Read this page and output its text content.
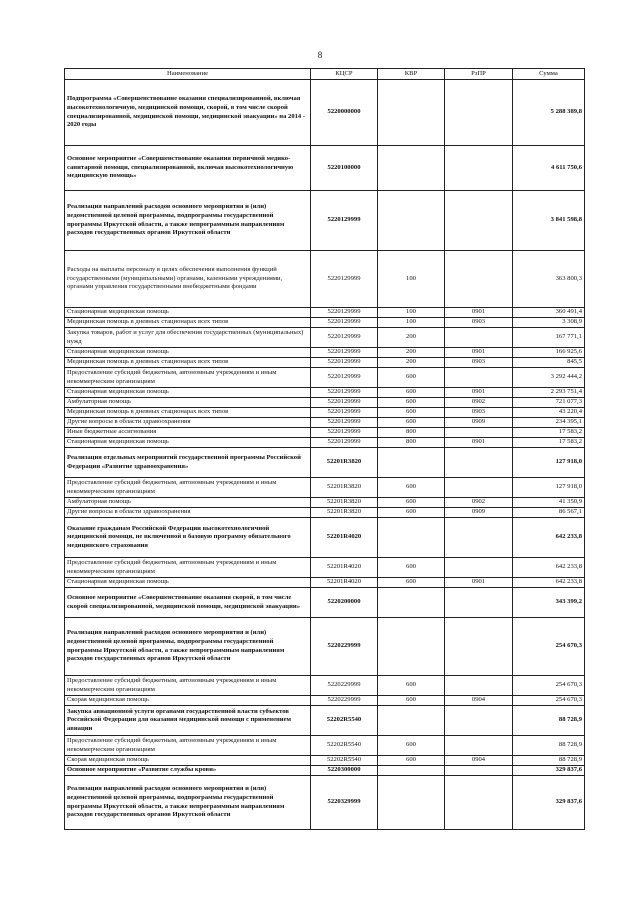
8
Наименование	КЦСР	КВР	РзПР	Сумма
Подпрограмма «Совершенствование оказания специализированной, включая высокотехнологичную, медицинской помощи, скорой, в том числе скорой специализированной, медицинской помощи, медицинской эвакуации» на 2014 - 2020 годы	5220000000			5 288 389,8
Основное мероприятие «Совершенствование оказания первичной медико-санитарной помощи, специализированной, включая высокотехнологичную медицинскую помощь»	5220100000			4 611 750,6
Реализация направлений расходов основного мероприятия и (или) ведомственной целевой программы, подпрограммы государственной программы Иркутской области, а также непрограммным направлениям расходов государственных органов Иркутской области	5220129999			3 841 598,8
Расходы на выплаты персоналу в целях обеспечения выполнения функций государственными (муниципальными) органами, казенными учреждениями, органами управления государственными внебюджетными фондами	5220129999	100		363 800,3
Стационарная медицинская помощь	5220129999	100	0901	360 491,4
Медицинская помощь в дневных стационарах всех типов	5220129999	100	0903	3 308,9
Закупка товаров, работ и услуг для обеспечения государственных (муниципальных) нужд	5220129999	200		167 771,1
Стационарная медицинская помощь	5220129999	200	0901	166 925,6
Медицинская помощь в дневных стационарах всех типов	5220129999	200	0903	845,5
Предоставление субсидий бюджетным, автономным учреждениям и иным некоммерческим организациям	5220129999	600		3 292 444,2
Стационарная медицинская помощь	5220129999	600	0901	2 293 751,4
Амбулаторная помощь	5220129999	600	0902	721 077,3
Медицинская помощь в дневных стационарах всех типов	5220129999	600	0903	43 220,4
Другие вопросы в области здравоохранения	5220129999	600	0909	234 395,1
Иные бюджетные ассигнования	5220129999	800		17 583,2
Стационарная медицинская помощь	5220129999	800	0901	17 583,2
Реализация отдельных мероприятий государственной программы Российской Федерации «Развитие здравоохранения»	52201R3820			127 918,0
Предоставление субсидий бюджетным, автономным учреждениям и иным некоммерческим организациям	52201R3820	600		127 918,0
Амбулаторная помощь	52201R3820	600	0902	41 350,9
Другие вопросы в области здравоохранения	52201R3820	600	0909	86 567,1
Оказание гражданам Российской Федерации высокотехнологичной медицинской помощи, не включенной в базовую программу обязательного медицинского страхования	52201R4020			642 233,8
Предоставление субсидий бюджетным, автономным учреждениям и иным некоммерческим организациям	52201R4020	600		642 233,8
Стационарная медицинская помощь	52201R4020	600	0901	642 233,8
Основное мероприятие «Совершенствование оказания скорой, в том числе скорой специализированной, медицинской помощи, медицинской эвакуации»	5220200000			343 399,2
Реализация направлений расходов основного мероприятия и (или) ведомственной целевой программы, подпрограммы государственной программы Иркутской области, а также непрограммным направлениям расходов государственных органов Иркутской области	5220229999			254 670,3
Предоставление субсидий бюджетным, автономным учреждениям и иным некоммерческим организациям	5220229999	600		254 670,3
Скорая медицинская помощь	5220229999	600	0904	254 670,3
Закупка авиационной услуги органами государственной власти субъектов Российской Федерации для оказания медицинской помощи с применением авиации	52202R5540			88 728,9
Предоставление субсидий бюджетным, автономным учреждениям и иным некоммерческим организациям	52202R5540	600		88 728,9
Скорая медицинская помощь	52202R5540	600	0904	88 728,9
Основное мероприятие «Развитие службы крови»	5220300000			329 837,6
Реализация направлений расходов основного мероприятия и (или) ведомственной целевой программы, подпрограммы государственной программы Иркутской области, а также непрограммным направлениям расходов государственных органов Иркутской области	5220329999			329 837,6
